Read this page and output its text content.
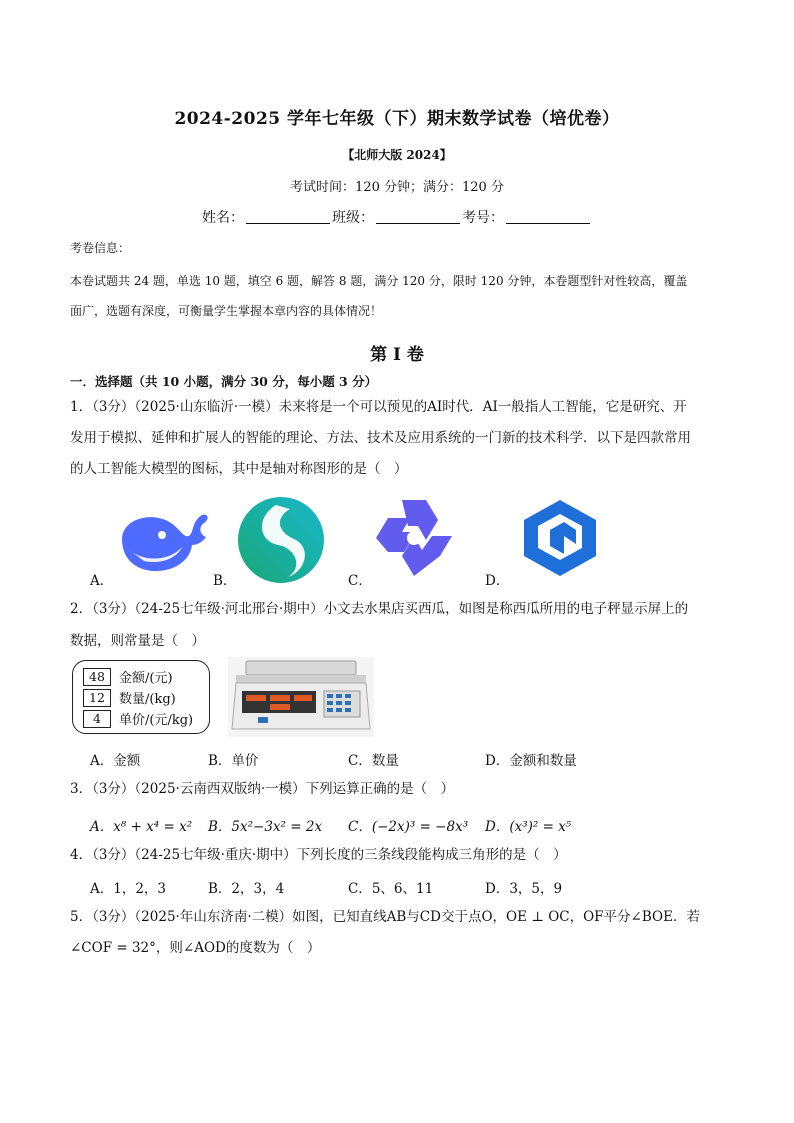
2024-2025 学年七年级（下）期末数学试卷（培优卷）
【北师大版 2024】
考试时间：120 分钟；满分：120 分
姓名：	班级：	考号：
考卷信息：
本卷试题共 24 题，单选 10 题，填空 6 题，解答 8 题，满分 120 分，限时 120 分钟，本卷题型针对性较高，覆盖
面广，选题有深度，可衡量学生掌握本章内容的具体情况！
第 I 卷
一．选择题（共 10 小题，满分 30 分，每小题 3 分）
1．（3分）（2025·山东临沂·一模）未来将是一个可以预见的AI时代．AI一般指人工智能，它是研究、开
发用于模拟、延伸和扩展人的智能的理论、方法、技术及应用系统的一门新的技术科学．以下是四款常用
的人工智能大模型的图标，其中是轴对称图形的是（　）
A．	B．	C．	D．
2．（3分）（24-25七年级·河北邢台·期中）小文去水果店买西瓜，如图是称西瓜所用的电子秤显示屏上的
数据，则常量是（　）
48	金额/(元)
12	数量/(kg)
4	单价/(元/kg)
A．金额	B．单价	C．数量	D．金额和数量
3．（3分）（2025·云南西双版纳·一模）下列运算正确的是（　）
A．x⁸ + x⁴ = x² B．5x²−3x² = 2x C．(−2x)³ = −8x³ D．(x³)² = x⁵
4．（3分）（24-25七年级·重庆·期中）下列长度的三条线段能构成三角形的是（　）
A．1，2，3	B．2，3，4	C．5、6、11	D．3，5，9
5．（3分）（2025·年山东济南·二模）如图，已知直线AB与CD交于点O，OE ⊥ OC，OF平分∠BOE．若
∠COF = 32°，则∠AOD的度数为（　）
